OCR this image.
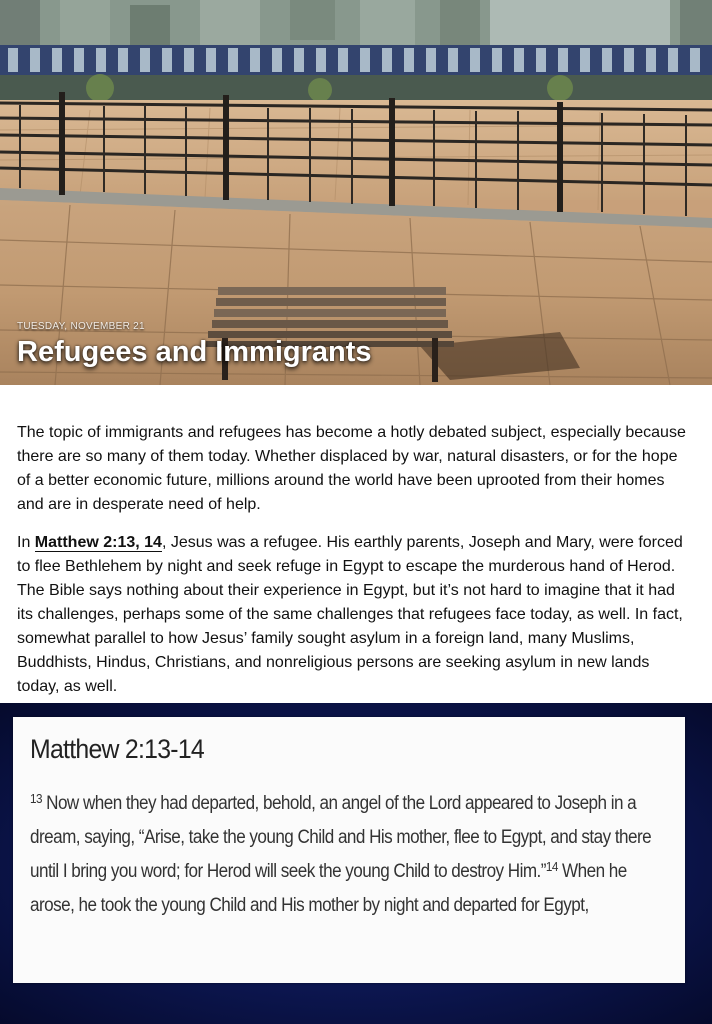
TUESDAY, NOVEMBER 21
Refugees and Immigrants

The topic of immigrants and refugees has become a hotly debated subject, especially because there are so many of them today. Whether displaced by war, natural disasters, or for the hope of a better economic future, millions around the world have been uprooted from their homes and are in desperate need of help.

In Matthew 2:13, 14, Jesus was a refugee. His earthly parents, Joseph and Mary, were forced to flee Bethlehem by night and seek refuge in Egypt to escape the murderous hand of Herod. The Bible says nothing about their experience in Egypt, but it’s not hard to imagine that it had its challenges, perhaps some of the same challenges that refugees face today, as well. In fact, somewhat parallel to how Jesus’ family sought asylum in a foreign land, many Muslims, Buddhists, Hindus, Christians, and nonreligious persons are seeking asylum in new lands today, as well.

Matthew 2:13-14
$^{13}$ Now when they had departed, behold, an angel of the Lord appeared to Joseph in a dream, saying, “Arise, take the young Child and His mother, flee to Egypt, and stay there until I bring you word; for Herod will seek the young Child to destroy Him.”$^{14}$ When he arose, he took the young Child and His mother by night and departed for Egypt,
